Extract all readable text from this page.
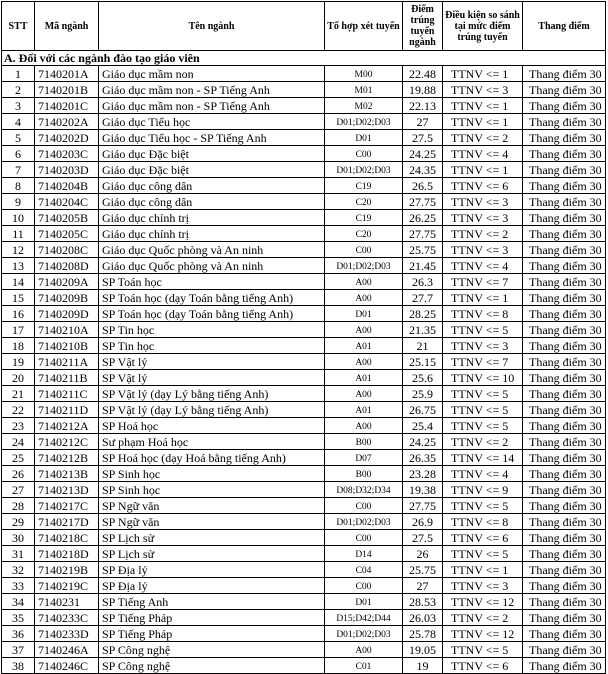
STT	Mã ngành	Tên ngành	Tổ hợp xét tuyển	Điểm trúng tuyển ngành	Điều kiện so sánh tại mức điểm trúng tuyển	Thang điểm
A. Đối với các ngành đào tạo giáo viên						
1	7140201A	Giáo dục mầm non	M00	22.48	TTNV <= 1	Thang điểm 30
2	7140201B	Giáo dục mầm non - SP Tiếng Anh	M01	19.88	TTNV <= 3	Thang điểm 30
3	7140201C	Giáo dục mầm non - SP Tiếng Anh	M02	22.13	TTNV <= 1	Thang điểm 30
4	7140202A	Giáo dục Tiểu học	D01;D02;D03	27	TTNV <= 1	Thang điểm 30
5	7140202D	Giáo dục Tiểu học - SP Tiếng Anh	D01	27.5	TTNV <= 2	Thang điểm 30
6	7140203C	Giáo dục Đặc biệt	C00	24.25	TTNV <= 4	Thang điểm 30
7	7140203D	Giáo dục Đặc biệt	D01;D02;D03	24.35	TTNV <= 1	Thang điểm 30
8	7140204B	Giáo dục công dân	C19	26.5	TTNV <= 6	Thang điểm 30
9	7140204C	Giáo dục công dân	C20	27.75	TTNV <= 3	Thang điểm 30
10	7140205B	Giáo dục chính trị	C19	26.25	TTNV <= 3	Thang điểm 30
11	7140205C	Giáo dục chính trị	C20	27.75	TTNV <= 2	Thang điểm 30
12	7140208C	Giáo dục Quốc phòng và An ninh	C00	25.75	TTNV <= 3	Thang điểm 30
13	7140208D	Giáo dục Quốc phòng và An ninh	D01;D02;D03	21.45	TTNV <= 4	Thang điểm 30
14	7140209A	SP Toán học	A00	26.3	TTNV <= 7	Thang điểm 30
15	7140209B	SP Toán học (dạy Toán bằng tiếng Anh)	A00	27.7	TTNV <= 1	Thang điểm 30
16	7140209D	SP Toán học (dạy Toán bằng tiếng Anh)	D01	28.25	TTNV <= 8	Thang điểm 30
17	7140210A	SP Tin học	A00	21.35	TTNV <= 5	Thang điểm 30
18	7140210B	SP Tin học	A01	21	TTNV <= 3	Thang điểm 30
19	7140211A	SP Vật lý	A00	25.15	TTNV <= 7	Thang điểm 30
20	7140211B	SP Vật lý	A01	25.6	TTNV <= 10	Thang điểm 30
21	7140211C	SP Vật lý (dạy Lý bằng tiếng Anh)	A00	25.9	TTNV <= 5	Thang điểm 30
22	7140211D	SP Vật lý (dạy Lý bằng tiếng Anh)	A01	26.75	TTNV <= 5	Thang điểm 30
23	7140212A	SP Hoá học	A00	25.4	TTNV <= 5	Thang điểm 30
24	7140212C	Sư phạm Hoá học	B00	24.25	TTNV <= 2	Thang điểm 30
25	7140212B	SP Hoá học (dạy Hoá bằng tiếng Anh)	D07	26.35	TTNV <= 14	Thang điểm 30
26	7140213B	SP Sinh học	B00	23.28	TTNV <= 4	Thang điểm 30
27	7140213D	SP Sinh học	D08;D32;D34	19.38	TTNV <= 9	Thang điểm 30
28	7140217C	SP Ngữ văn	C00	27.75	TTNV <= 5	Thang điểm 30
29	7140217D	SP Ngữ văn	D01;D02;D03	26.9	TTNV <= 8	Thang điểm 30
30	7140218C	SP Lịch sử	C00	27.5	TTNV <= 6	Thang điểm 30
31	7140218D	SP Lịch sử	D14	26	TTNV <= 5	Thang điểm 30
32	7140219B	SP Địa lý	C04	25.75	TTNV <= 1	Thang điểm 30
33	7140219C	SP Địa lý	C00	27	TTNV <= 3	Thang điểm 30
34	7140231	SP Tiếng Anh	D01	28.53	TTNV <= 12	Thang điểm 30
35	7140233C	SP Tiếng Pháp	D15;D42;D44	26.03	TTNV <= 2	Thang điểm 30
36	7140233D	SP Tiếng Pháp	D01;D02;D03	25.78	TTNV <= 12	Thang điểm 30
37	7140246A	SP Công nghệ	A00	19.05	TTNV <= 5	Thang điểm 30
38	7140246C	SP Công nghệ	C01	19	TTNV <= 6	Thang điểm 30
